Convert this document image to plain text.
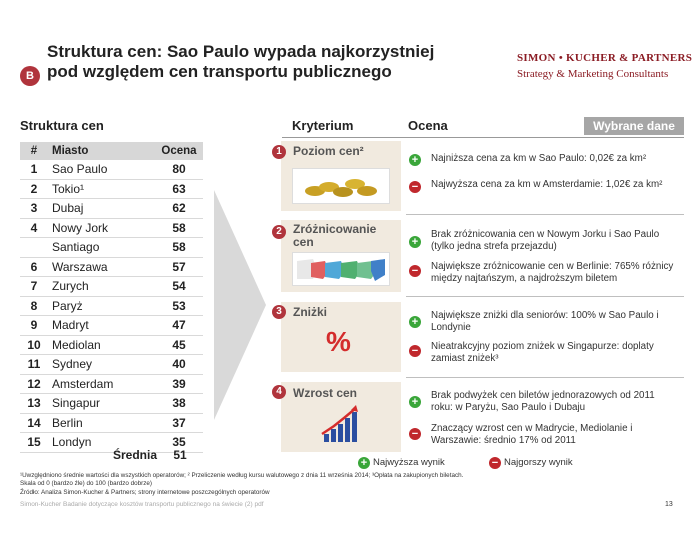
Struktura cen: Sao Paulo wypada najkorzystniej
pod względem cen transportu publicznego
B
SIMON • KUCHER & PARTNERS
Strategy & Marketing Consultants
Struktura cen
#	Miasto	Ocena
1	Sao Paulo	80
2	Tokio¹	63
3	Dubaj	62
4	Nowy Jork	58
	Santiago	58
6	Warszawa	57
7	Zurych	54
8	Paryż	53
9	Madryt	47
10	Mediolan	45
11	Sydney	40
12	Amsterdam	39
13	Singapur	38
14	Berlin	37
15	Londyn	35
Średnia	51
Kryterium	Ocena	Wybrane dane
1 Poziom cen²
+ Najniższa cena za km w Sao Paulo: 0,02€ za km²
− Najwyższa cena za km w Amsterdamie: 1,02€ za km²
2 Zróżnicowanie cen	+
Brak zróżnicowania cen w Nowym Jorku i Sao Paulo (tylko jedna strefa przejazdu)
− Największe zróżnicowanie cen w Berlinie: 765% różnicy między najtańszym, a najdroższym biletem
3 Zniżki
%
+
Największe zniżki dla seniorów: 100% w Sao Paulo i Londynie
− Nieatrakcyjny poziom zniżek w Singapurze: doplaty zamiast zniżek³
4 Wzrost cen
+
Brak podwyżek cen biletów jednorazowych od 2011 roku: w Paryżu, Sao Paulo i Dubaju
− Znaczący wzrost cen w Madrycie, Mediolanie i Warszawie: średnio 17% od 2011
+ Najwyższa wynik	− Najgorszy wynik
¹Uwzględniono średnie wartości dla wszystkich operatorów; ² Przeliczenie według kursu walutowego z dnia 11 września 2014; ³Opłata na zakupionych biletach.
Skala od 0 (bardzo źle) do 100 (bardzo dobrze)
Źródło: Analiza Simon-Kucher & Partners; strony internetowe poszczególnych operatorów
Simon-Kucher Badanie dotyczące kosztów transportu publicznego na świecie (2) pdf	13
